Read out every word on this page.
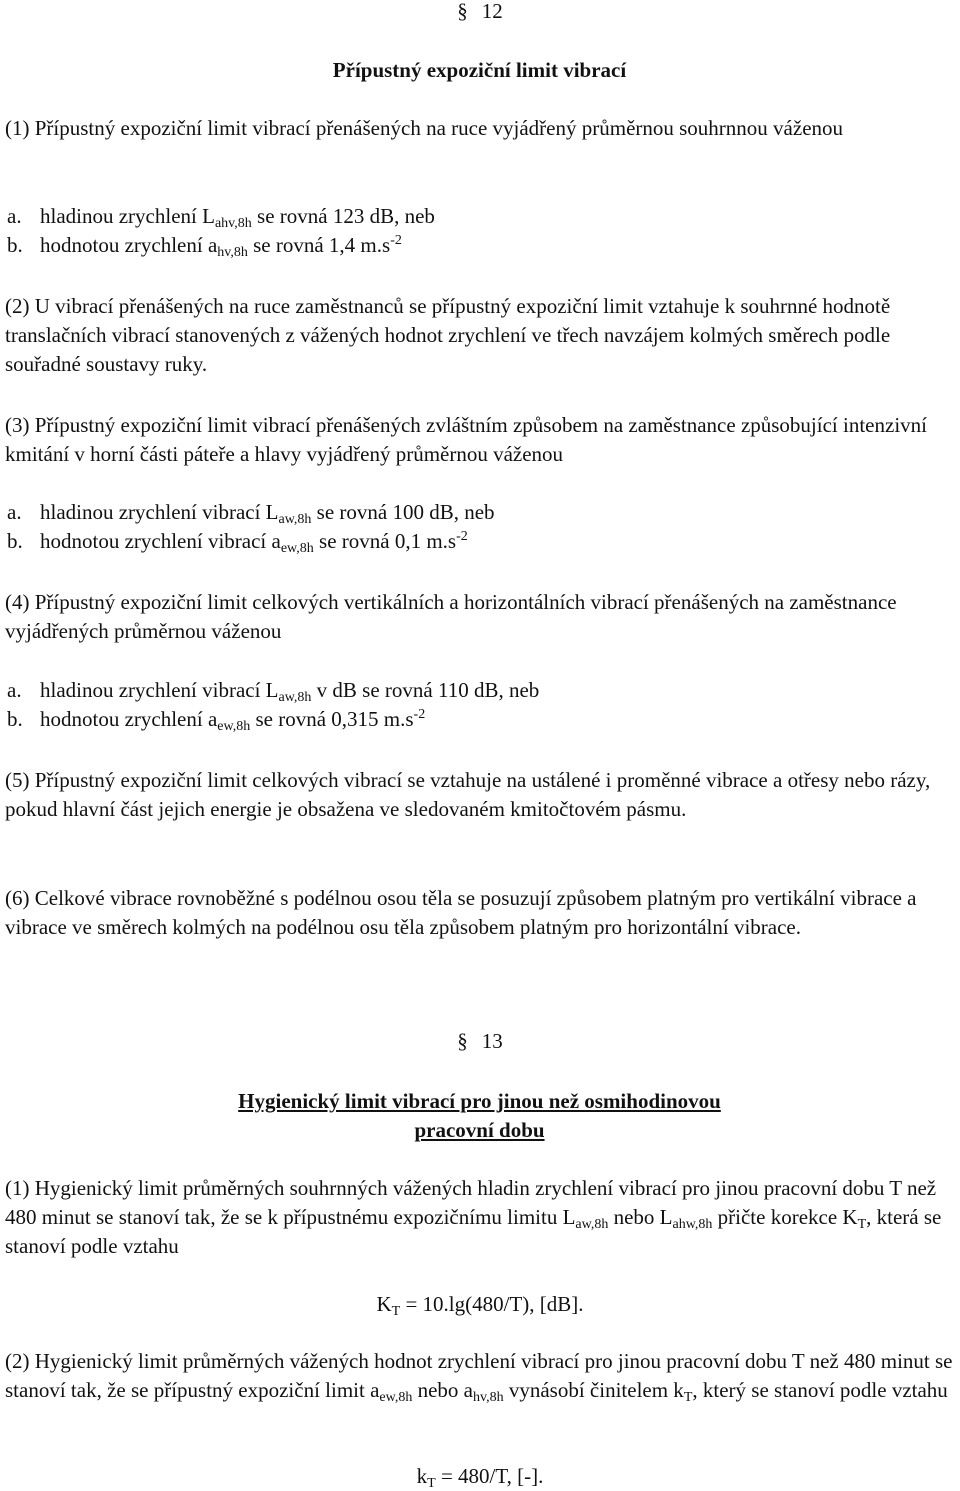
§ 12
Přípustný expoziční limit vibrací

(1) Přípustný expoziční limit vibrací přenášených na ruce vyjádřený průměrnou souhrnnou váženou

a. hladinou zrychlení $L_{ahv,8h}$ se rovná 123 dB, neb
b. hodnotou zrychlení $a_{hv,8h}$ se rovná 1,4 $m.s^{-2}$

(2) U vibrací přenášených na ruce zaměstnanců se přípustný expoziční limit vztahuje k souhrnné hodnotě translačních vibrací stanovených z vážených hodnot zrychlení ve třech navzájem kolmých směrech podle souřadné soustavy ruky.

(3) Přípustný expoziční limit vibrací přenášených zvláštním způsobem na zaměstnance způsobující intenzivní kmitání v horní části páteře a hlavy vyjádřený průměrnou váženou

a. hladinou zrychlení vibrací $L_{aw,8h}$ se rovná 100 dB, neb
b. hodnotou zrychlení vibrací $a_{ew,8h}$ se rovná 0,1 $m.s^{-2}$

(4) Přípustný expoziční limit celkových vertikálních a horizontálních vibrací přenášených na zaměstnance vyjádřených průměrnou váženou

a. hladinou zrychlení vibrací $L_{aw,8h}$ v dB se rovná 110 dB, neb
b. hodnotou zrychlení $a_{ew,8h}$ se rovná 0,315 $m.s^{-2}$

(5) Přípustný expoziční limit celkových vibrací se vztahuje na ustálené i proměnné vibrace a otřesy nebo rázy, pokud hlavní část jejich energie je obsažena ve sledovaném kmitočtovém pásmu.

(6) Celkové vibrace rovnoběžné s podélnou osou těla se posuzují způsobem platným pro vertikální vibrace a vibrace ve směrech kolmých na podélnou osu těla způsobem platným pro horizontální vibrace.

§ 13
Hygienický limit vibrací pro jinou než osmihodinovou
pracovní dobu

(1) Hygienický limit průměrných souhrnných vážených hladin zrychlení vibrací pro jinou pracovní dobu T než 480 minut se stanoví tak, že se k přípustnému expozičnímu limitu $L_{aw,8h}$ nebo $L_{ahw,8h}$ přičte korekce $K_T$, která se stanoví podle vztahu

$K_T = 10.\lg(480/T)$, [dB].

(2) Hygienický limit průměrných vážených hodnot zrychlení vibrací pro jinou pracovní dobu T než 480 minut se stanoví tak, že se přípustný expoziční limit $a_{ew,8h}$ nebo $a_{hv,8h}$ vynásobí činitelem $k_T$, který se stanoví podle vztahu

$k_T = 480/T$, [-].
